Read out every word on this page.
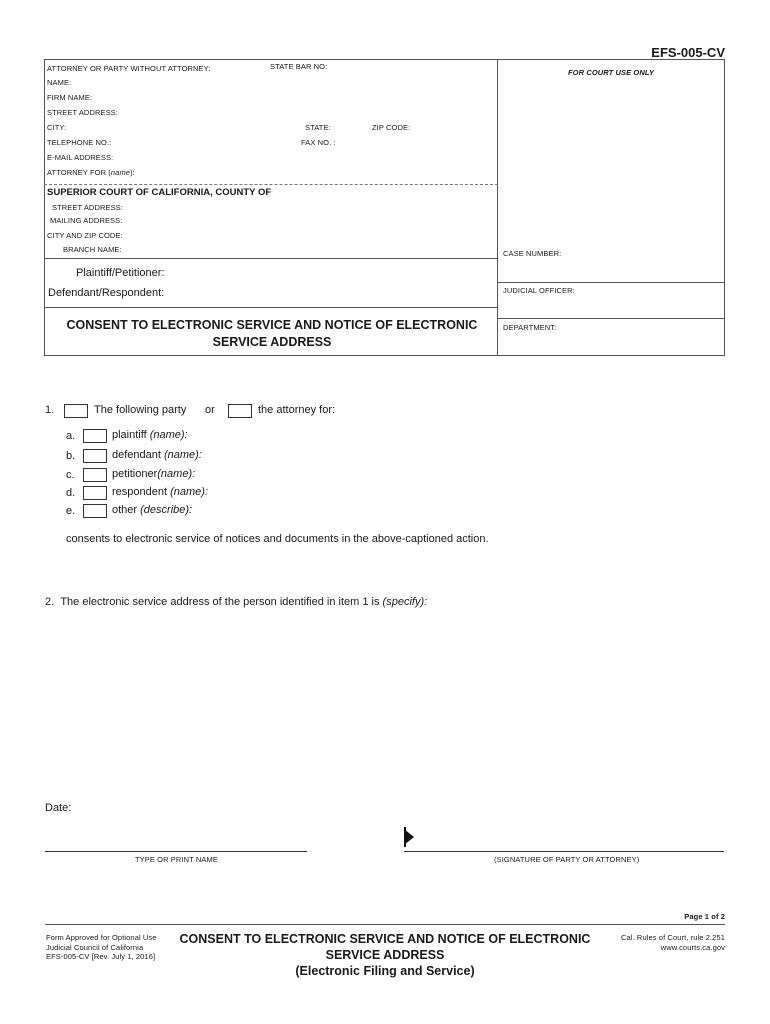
EFS-005-CV
ATTORNEY OR PARTY WITHOUT ATTORNEY:	STATE BAR NO:
NAME:
FIRM NAME:
STREET ADDRESS:
CITY:	STATE:	ZIP CODE:
TELEPHONE NO.:	FAX NO. :
E-MAIL ADDRESS:
ATTORNEY FOR (name):
FOR COURT USE ONLY
SUPERIOR COURT OF CALIFORNIA, COUNTY OF
STREET ADDRESS:
MAILING ADDRESS:
CITY AND ZIP CODE:
BRANCH NAME:	CASE NUMBER:
Plaintiff/Petitioner:
Defendant/Respondent:	JUDICIAL OFFICER:
DEPARTMENT:
CONSENT TO ELECTRONIC SERVICE AND NOTICE OF ELECTRONIC
SERVICE ADDRESS
1.	The following party or	the attorney for:
a.	plaintiff (name):
b.	defendant (name):
c.	petitioner(name):
d.	respondent (name):
e.	other (describe):
consents to electronic service of notices and documents in the above-captioned action.
2. The electronic service address of the person identified in item 1 is (specify):
Date:
TYPE OR PRINT NAME	(SIGNATURE OF PARTY OR ATTORNEY)
Page 1 of 2
Form Approved for Optional Use
Judicial Council of California
EFS-005-CV [Rev. July 1, 2016]
CONSENT TO ELECTRONIC SERVICE AND NOTICE OF ELECTRONIC
SERVICE ADDRESS
(Electronic Filing and Service)
Cal. Rules of Court, rule 2.251
www.courts.ca.gov
